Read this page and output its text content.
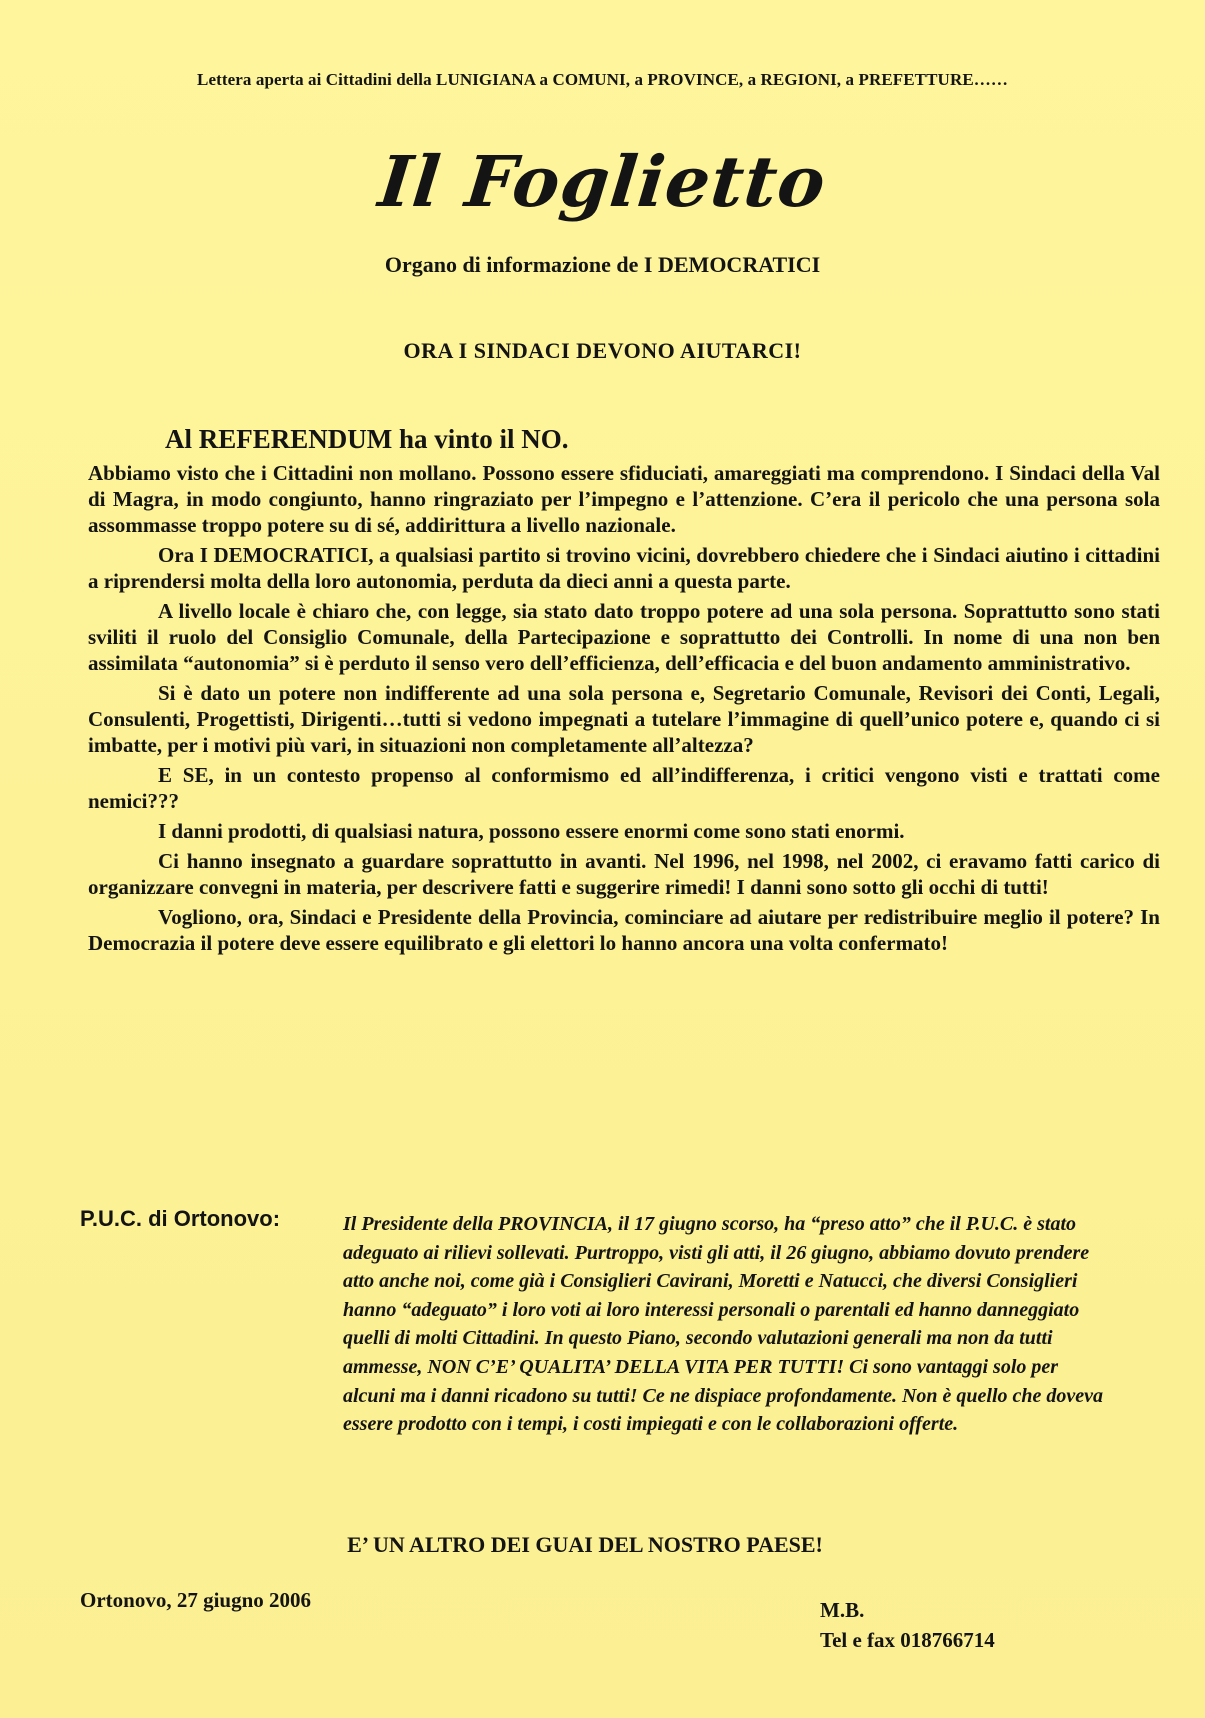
Lettera aperta ai Cittadini della LUNIGIANA a COMUNI, a PROVINCE, a REGIONI, a PREFETTURE……
Il Foglietto
Organo di informazione de I DEMOCRATICI
ORA I SINDACI DEVONO AIUTARCI!
Al REFERENDUM ha vinto il NO.

Abbiamo visto che i Cittadini non mollano. Possono essere sfiduciati, amareggiati ma comprendono. I Sindaci della Val di Magra, in modo congiunto, hanno ringraziato per l’impegno e l’attenzione. C’era il pericolo che una persona sola assommasse troppo potere su di sé, addirittura a livello nazionale.

Ora I DEMOCRATICI, a qualsiasi partito si trovino vicini, dovrebbero chiedere che i Sindaci aiutino i cittadini a riprendersi molta della loro autonomia, perduta da dieci anni a questa parte.

A livello locale è chiaro che, con legge, sia stato dato troppo potere ad una sola persona. Soprattutto sono stati sviliti il ruolo del Consiglio Comunale, della Partecipazione e soprattutto dei Controlli. In nome di una non ben assimilata “autonomia” si è perduto il senso vero dell’efficienza, dell’efficacia e del buon andamento amministrativo.

Si è dato un potere non indifferente ad una sola persona e, Segretario Comunale, Revisori dei Conti, Legali, Consulenti, Progettisti, Dirigenti…tutti si vedono impegnati a tutelare l’immagine di quell’unico potere e, quando ci si imbatte, per i motivi più vari, in situazioni non completamente all’altezza?

E SE, in un contesto propenso al conformismo ed all’indifferenza, i critici vengono visti e trattati come nemici???

I danni prodotti, di qualsiasi natura, possono essere enormi come sono stati enormi.

Ci hanno insegnato a guardare soprattutto in avanti. Nel 1996, nel 1998, nel 2002, ci eravamo fatti carico di organizzare convegni in materia, per descrivere fatti e suggerire rimedi! I danni sono sotto gli occhi di tutti!

Vogliono, ora, Sindaci e Presidente della Provincia, cominciare ad aiutare per redistribuire meglio il potere? In Democrazia il potere deve essere equilibrato e gli elettori lo hanno ancora una volta confermato!

P.U.C. di Ortonovo:	Il Presidente della PROVINCIA, il 17 giugno scorso, ha “preso atto” che il P.U.C. è stato adeguato ai rilievi sollevati. Purtroppo, visti gli atti, il 26 giugno, abbiamo dovuto prendere atto anche noi, come già i Consiglieri Cavirani, Moretti e Natucci, che diversi Consiglieri hanno “adeguato” i loro voti ai loro interessi personali o parentali ed hanno danneggiato quelli di molti Cittadini. In questo Piano, secondo valutazioni generali ma non da tutti ammesse, NON C’E’ QUALITA’ DELLA VITA PER TUTTI! Ci sono vantaggi solo per alcuni ma i danni ricadono su tutti! Ce ne dispiace profondamente. Non è quello che doveva essere prodotto con i tempi, i costi impiegati e con le collaborazioni offerte.
E’ UN ALTRO DEI GUAI DEL NOSTRO PAESE!
Ortonovo, 27 giugno 2006	M.B.
Tel e fax 018766714
